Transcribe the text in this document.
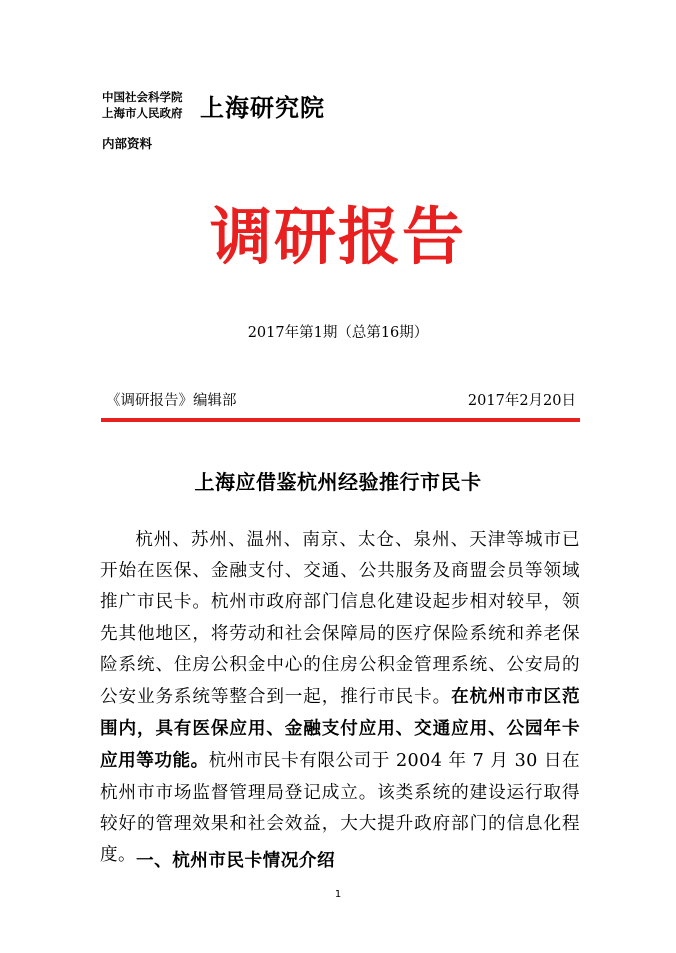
中国社会科学院
上海市人民政府 上海研究院
内部资料
调研报告
2017年第1期（总第16期）
《调研报告》编辑部	2017年2月20日
上海应借鉴杭州经验推行市民卡

杭州、苏州、温州、南京、太仓、泉州、天津等城市已开始在医保、金融支付、交通、公共服务及商盟会员等领域推广市民卡。杭州市政府部门信息化建设起步相对较早，领先其他地区，将劳动和社会保障局的医疗保险系统和养老保险系统、住房公积金中心的住房公积金管理系统、公安局的公安业务系统等整合到一起，推行市民卡。在杭州市市区范围内，具有医保应用、金融支付应用、交通应用、公园年卡应用等功能。杭州市民卡有限公司于 2004 年 7 月 30 日在杭州市市场监督管理局登记成立。该类系统的建设运行取得较好的管理效果和社会效益，大大提升政府部门的信息化程度。 一、杭州市民卡情况介绍
1
